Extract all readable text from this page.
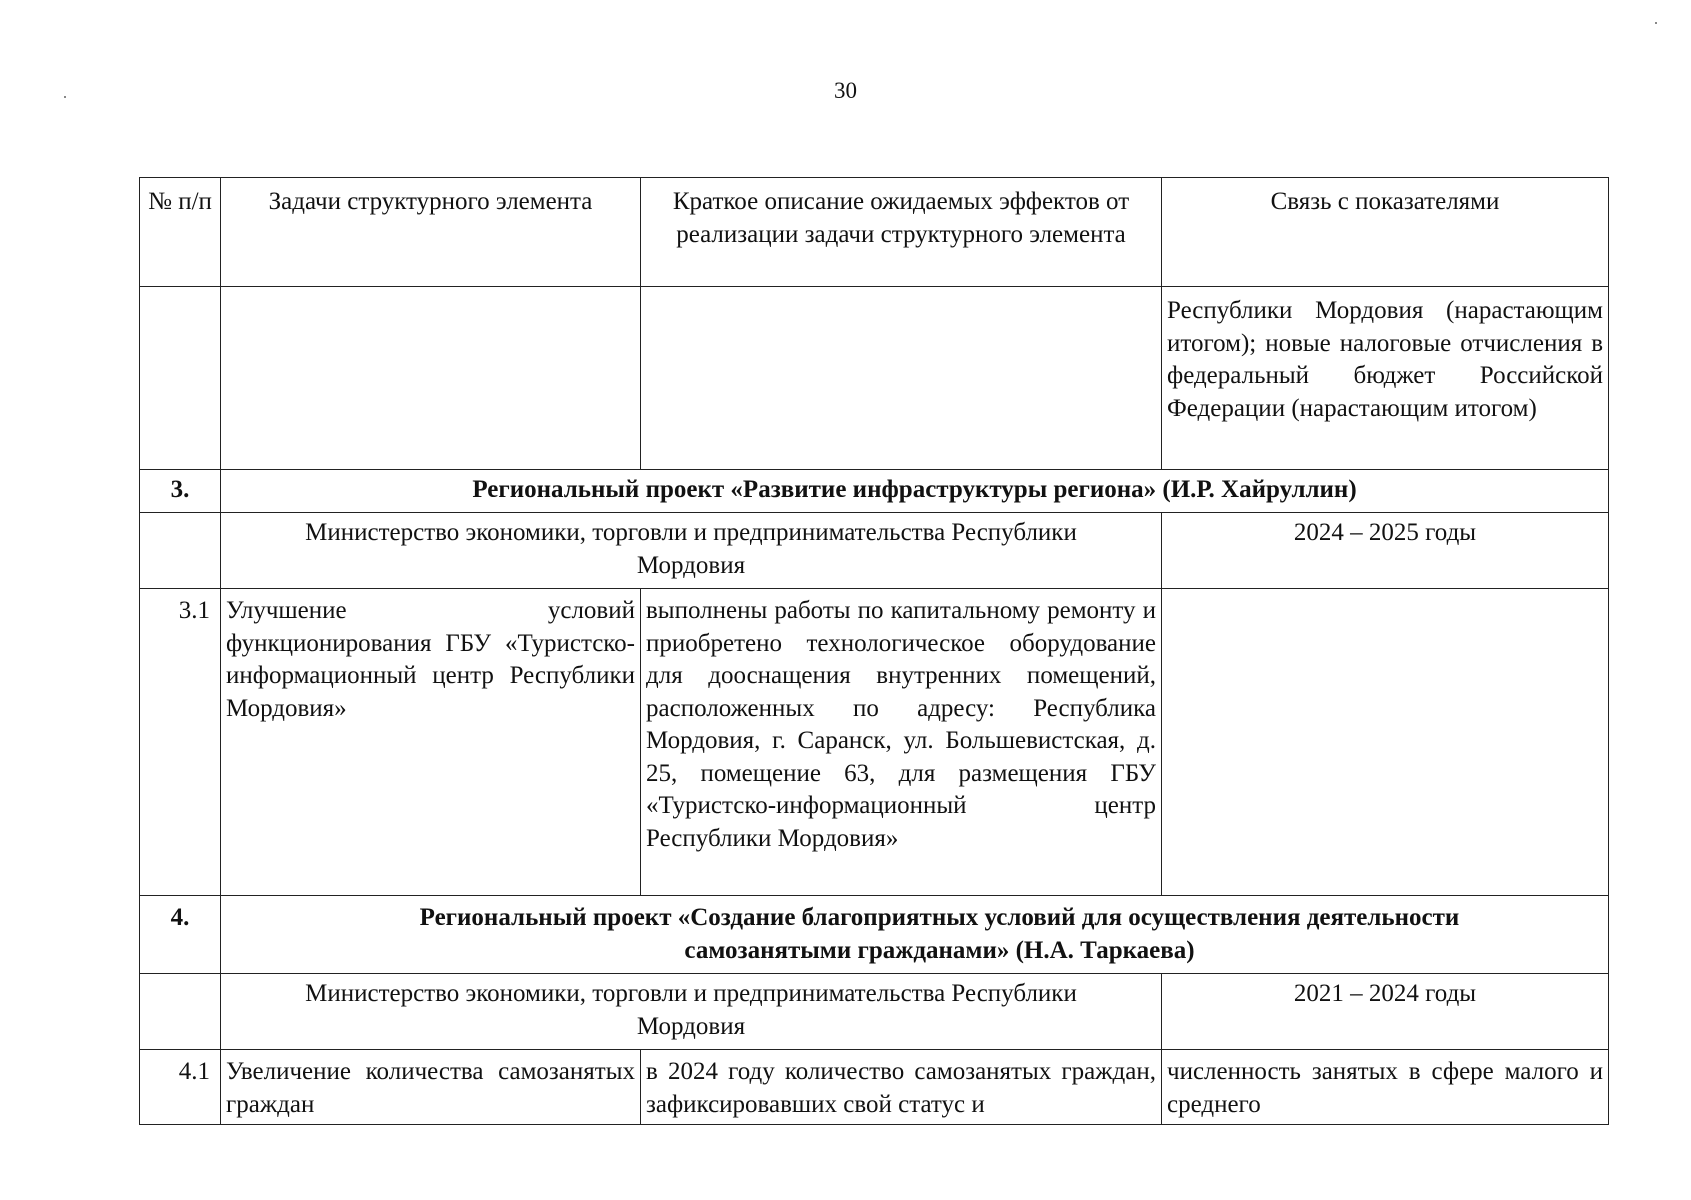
30
№ п/п	Задачи структурного элемента	Краткое описание ожидаемых эффектов от реализации задачи структурного элемента	Связь с показателями
			Республики Мордовия (нарастающим итогом); новые налоговые отчисления в федеральный бюджет Российской Федерации (нарастающим итогом)
3.	Региональный проект «Развитие инфраструктуры региона» (И.Р. Хайруллин)		
	Министерство экономики, торговли и предпринимательства Республики Мордовия		2024 – 2025 годы
3.1	Улучшение условий функционирования ГБУ «Туристско-информационный центр Республики Мордовия»	выполнены работы по капитальному ремонту и приобретено технологическое оборудование для дооснащения внутренних помещений, расположенных по адресу: Республика Мордовия, г. Саранск, ул. Большевистская, д. 25, помещение 63, для размещения ГБУ «Туристско-информационный центр Республики Мордовия»	
4.	Региональный проект «Создание благоприятных условий для осуществления деятельности самозанятыми гражданами» (Н.А. Таркаева)		
	Министерство экономики, торговли и предпринимательства Республики Мордовия		2021 – 2024 годы
4.1	Увеличение количества самозанятых граждан	в 2024 году количество самозанятых граждан, зафиксировавших свой статус и	численность занятых в сфере малого и среднего
